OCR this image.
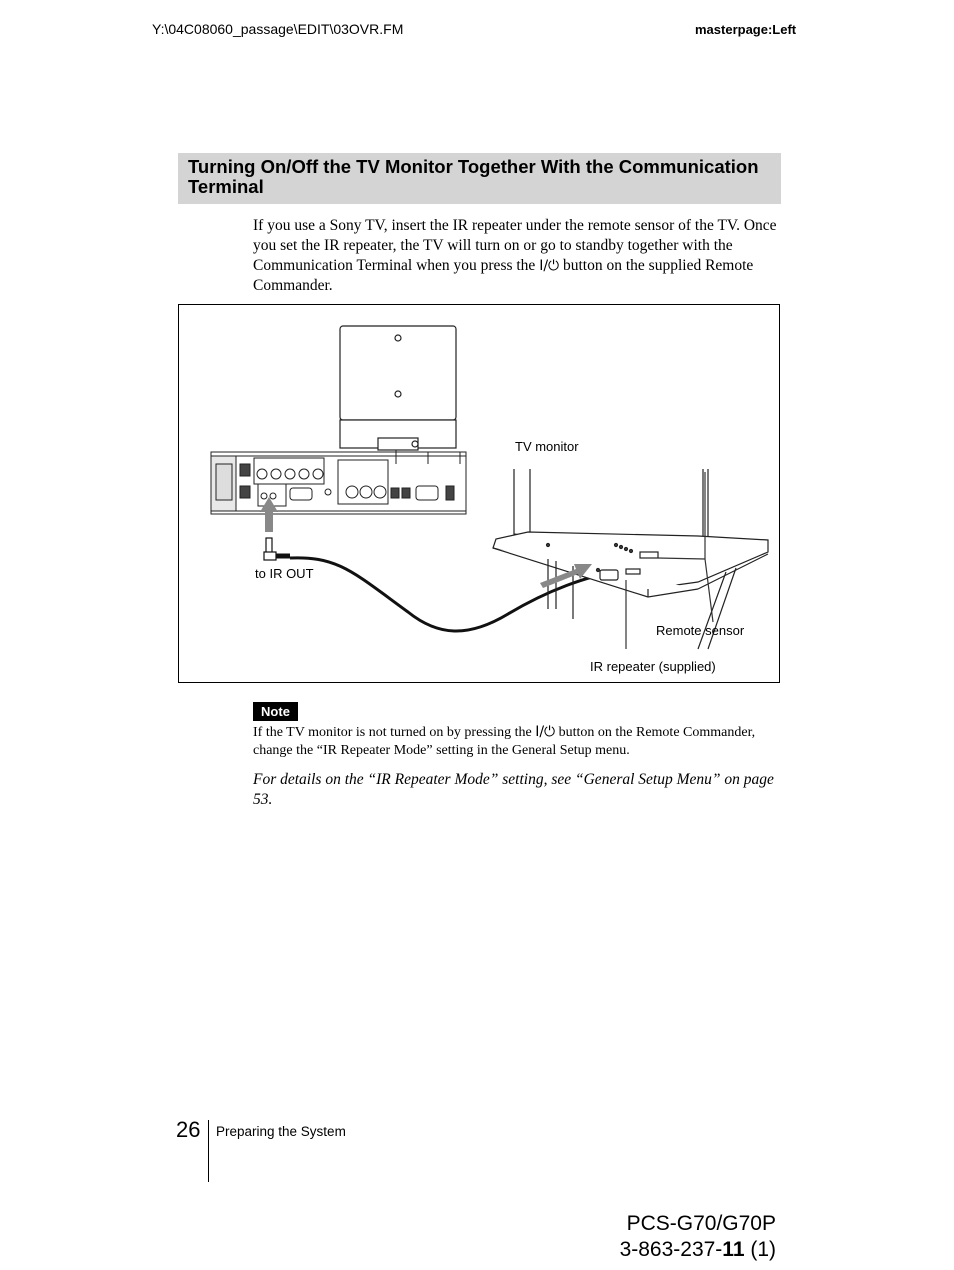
Y:\04C08060_passage\EDIT\03OVR.FM	masterpage:Left
Turning On/Off the TV Monitor Together With the Communication Terminal
If you use a Sony TV, insert the IR repeater under the remote sensor of the TV. Once you set the IR repeater, the TV will turn on or go to standby together with the Communication Terminal when you press the I/⏻ button on the supplied Remote Commander.
TV monitor
to IR OUT
Remote sensor
IR repeater (supplied)
Note
If the TV monitor is not turned on by pressing the I/⏻ button on the Remote Commander, change the “IR Repeater Mode” setting in the General Setup menu.
For details on the “IR Repeater Mode” setting, see “General Setup Menu” on page 53.
26 Preparing the System
PCS-G70/G70P
3-863-237-11 (1)
